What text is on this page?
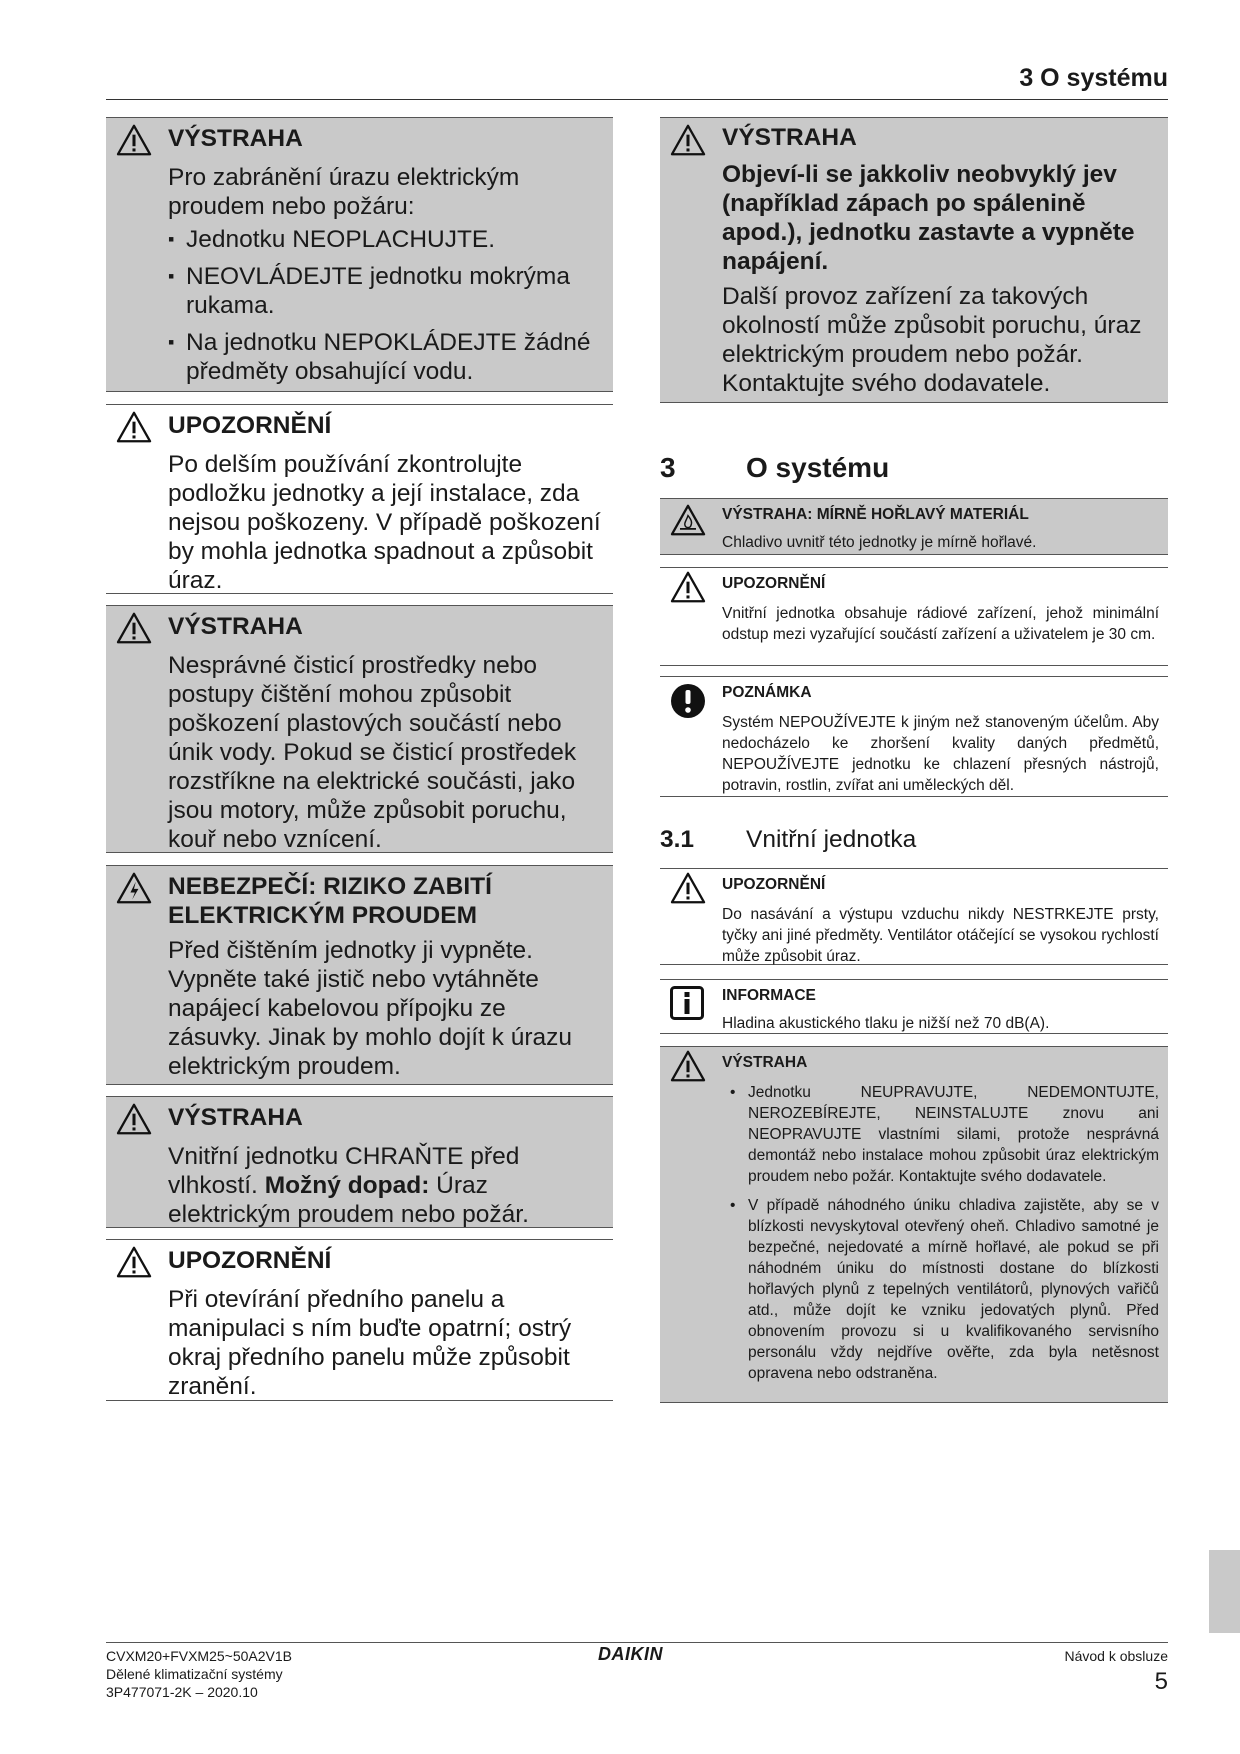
3 O systému
VÝSTRAHA

Pro zabránění úrazu elektrickým proudem nebo požáru:

▪ Jednotku NEOPLACHUJTE.
▪ NEOVLÁDEJTE jednotku mokrýma rukama.
▪ Na jednotku NEPOKLÁDEJTE žádné předměty obsahující vodu.
UPOZORNĚNÍ

Po delším používání zkontrolujte podložku jednotky a její instalace, zda nejsou poškozeny. V případě poškození by mohla jednotka spadnout a způsobit úraz.

VÝSTRAHA

Nesprávné čisticí prostředky nebo postupy čištění mohou způsobit poškození plastových součástí nebo únik vody. Pokud se čisticí prostředek rozstříkne na elektrické součásti, jako jsou motory, může způsobit poruchu, kouř nebo vznícení.

NEBEZPEČÍ: RIZIKO ZABITÍ ELEKTRICKÝM PROUDEM

Před čištěním jednotky ji vypněte. Vypněte také jistič nebo vytáhněte napájecí kabelovou přípojku ze zásuvky. Jinak by mohlo dojít k úrazu elektrickým proudem.

VÝSTRAHA

Vnitřní jednotku CHRAŇTE před vlhkostí. Možný dopad: Úraz elektrickým proudem nebo požár.

UPOZORNĚNÍ

Při otevírání předního panelu a manipulaci s ním buďte opatrní; ostrý okraj předního panelu může způsobit zranění.

VÝSTRAHA

Objeví-li se jakkoliv neobvyklý jev (například zápach po spálenině apod.), jednotku zastavte a vypněte napájení.

Další provoz zařízení za takových okolností může způsobit poruchu, úraz elektrickým proudem nebo požár. Kontaktujte svého dodavatele.

3	O systému
VÝSTRAHA: MÍRNĚ HOŘLAVÝ MATERIÁL

Chladivo uvnitř této jednotky je mírně hořlavé.

UPOZORNĚNÍ

Vnitřní jednotka obsahuje rádiové zařízení, jehož minimální odstup mezi vyzařující součástí zařízení a uživatelem je 30 cm.

POZNÁMKA

Systém NEPOUŽÍVEJTE k jiným než stanoveným účelům. Aby nedocházelo ke zhoršení kvality daných předmětů, NEPOUŽÍVEJTE jednotku ke chlazení přesných nástrojů, potravin, rostlin, zvířat ani uměleckých děl.

3.1 Vnitřní jednotka
UPOZORNĚNÍ

Do nasávání a výstupu vzduchu nikdy NESTRKEJTE prsty, tyčky ani jiné předměty. Ventilátor otáčející se vysokou rychlostí může způsobit úraz.

INFORMACE

Hladina akustického tlaku je nižší než 70 dB(A).

VÝSTRAHA
• Jednotku NEUPRAVUJTE, NEDEMONTUJTE, NEROZEBÍREJTE, NEINSTALUJTE znovu ani NEOPRAVUJTE vlastními silami, protože nesprávná demontáž nebo instalace mohou způsobit úraz elektrickým proudem nebo požár. Kontaktujte svého dodavatele.
• V případě náhodného úniku chladiva zajistěte, aby se v blízkosti nevyskytoval otevřený oheň. Chladivo samotné je bezpečné, nejedovaté a mírně hořlavé, ale pokud se při náhodném úniku do místnosti dostane do blízkosti hořlavých plynů z tepelných ventilátorů, plynových vařičů atd., může dojít ke vzniku jedovatých plynů. Před obnovením provozu si u kvalifikovaného servisního personálu vždy nejdříve ověřte, zda byla netěsnost opravena nebo odstraněna.
CVXM20+FVXM25~50A2V1B
Dělené klimatizační systémy
3P477071-2K – 2020.10
DAIKIN	Návod k obsluze
5
